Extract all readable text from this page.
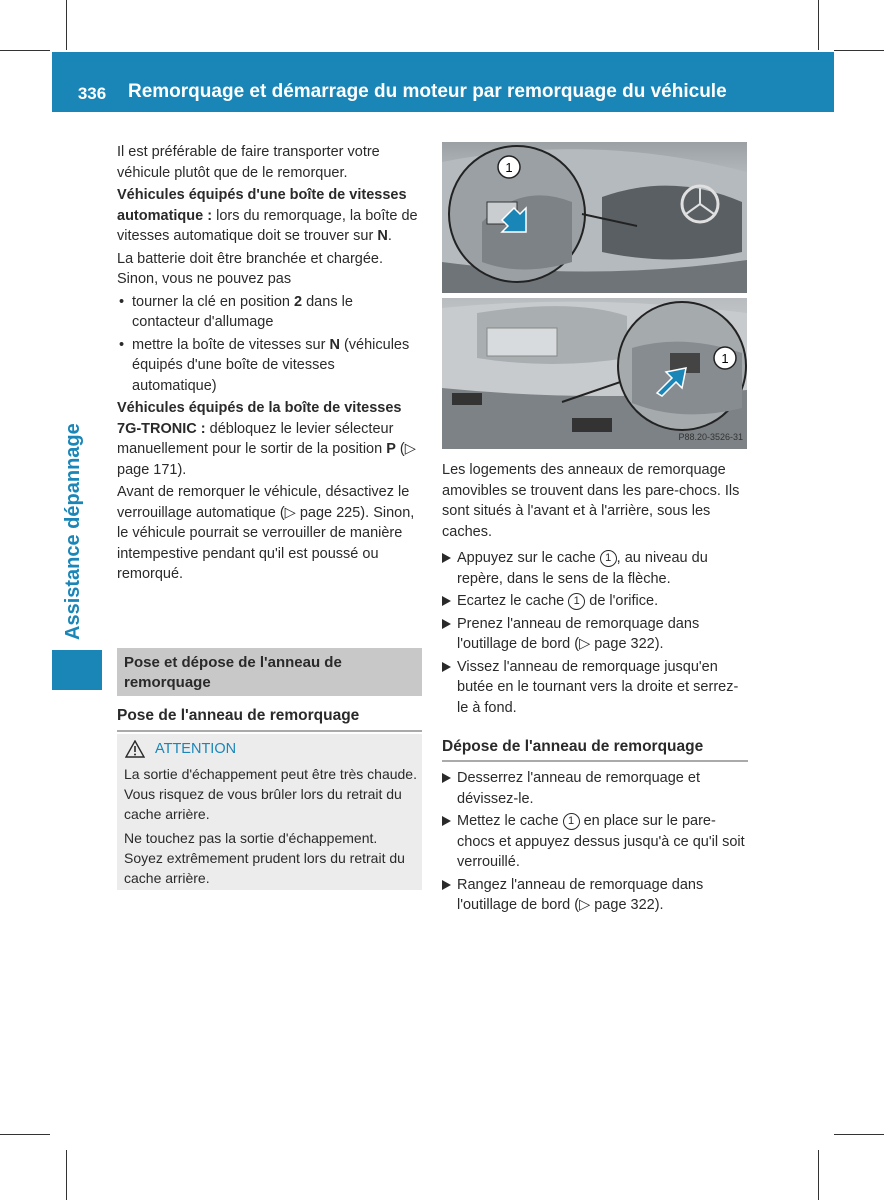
336	Remorquage et démarrage du moteur par remorquage du véhicule
Assistance dépannage

Il est préférable de faire transporter votre véhicule plutôt que de le remorquer.

Véhicules équipés d'une boîte de vitesses automatique : lors du remorquage, la boîte de vitesses automatique doit se trouver sur N.

La batterie doit être branchée et chargée. Sinon, vous ne pouvez pas

• tourner la clé en position 2 dans le contacteur d'allumage
• mettre la boîte de vitesses sur N (véhicules équipés d'une boîte de vitesses automatique)

Véhicules équipés de la boîte de vitesses 7G-TRONIC : débloquez le levier sélecteur manuellement pour le sortir de la position P (▷ page 171).

Avant de remorquer le véhicule, désactivez le verrouillage automatique (▷ page 225). Sinon, le véhicule pourrait se verrouiller de manière intempestive pendant qu'il est poussé ou remorqué.

Pose et dépose de l'anneau de remorquage
Pose de l'anneau de remorquage
ATTENTION

La sortie d'échappement peut être très chaude. Vous risquez de vous brûler lors du retrait du cache arrière.

Ne touchez pas la sortie d'échappement. Soyez extrêmement prudent lors du retrait du cache arrière.

1
1
P88.20-3526-31

Les logements des anneaux de remorquage amovibles se trouvent dans les pare-chocs. Ils sont situés à l'avant et à l'arrière, sous les caches.

Appuyez sur le cache 1 , au niveau du repère, dans le sens de la flèche.
Ecartez le cache 1 de l'orifice.
Prenez l'anneau de remorquage dans l'outillage de bord (▷ page 322).
Vissez l'anneau de remorquage jusqu'en butée en le tournant vers la droite et serrez-le à fond.
Dépose de l'anneau de remorquage
Desserrez l'anneau de remorquage et dévissez-le.
Mettez le cache 1 en place sur le pare-chocs et appuyez dessus jusqu'à ce qu'il soit verrouillé.
Rangez l'anneau de remorquage dans l'outillage de bord (▷ page 322).
